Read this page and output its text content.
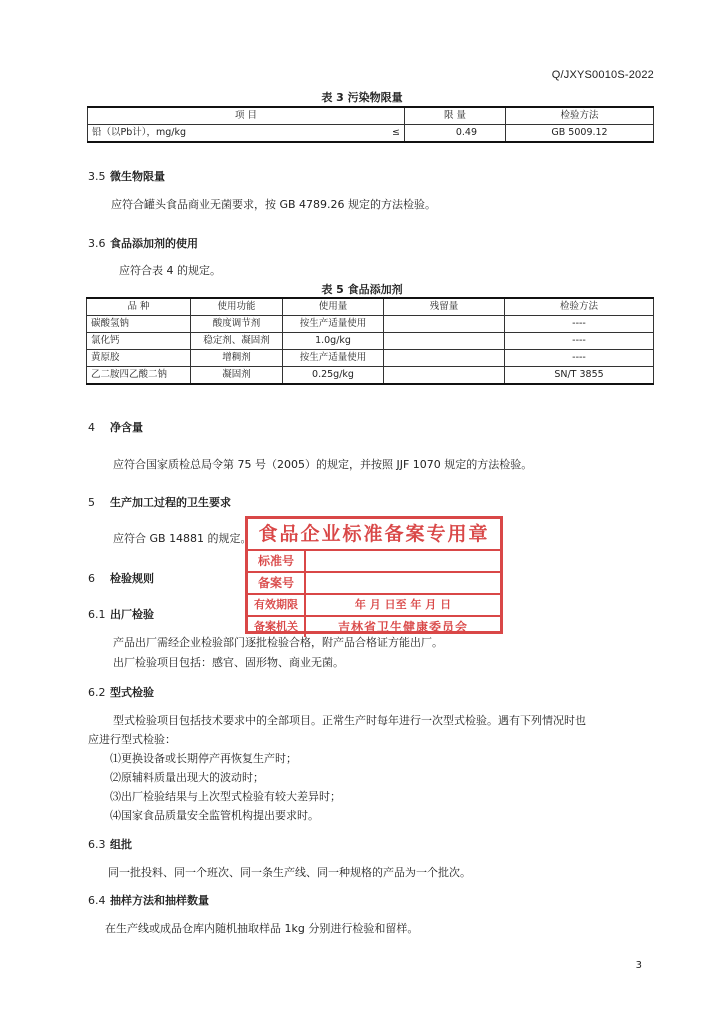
Q/JXYS0010S-2022
表 3 污染物限量
项 目		限 量	检验方法
铅（以Pb计），mg/kg	≤	0.49	GB 5009.12
3.5 微生物限量
应符合罐头食品商业无菌要求，按 GB 4789.26 规定的方法检验。
3.6 食品添加剂的使用
应符合表 4 的规定。
表 5 食品添加剂
品 种	使用功能	使用量	残留量	检验方法
碳酸氢钠	酸度调节剂	按生产适量使用		----
氯化钙	稳定剂、凝固剂	1.0g/kg		----
黄原胶	增稠剂	按生产适量使用		----
乙二胺四乙酸二钠	凝固剂	0.25g/kg		SN/T 3855
4 净含量
应符合国家质检总局令第 75 号（2005）的规定，并按照 JJF 1070 规定的方法检验。
5 生产加工过程的卫生要求
应符合 GB 14881 的规定。
6 检验规则
6.1 出厂检验
产品出厂需经企业检验部门逐批检验合格，附产品合格证方能出厂。
出厂检验项目包括：感官、固形物、商业无菌。
6.2 型式检验
型式检验项目包括技术要求中的全部项目。正常生产时每年进行一次型式检验。遇有下列情况时也
应进行型式检验：
⑴更换设备或长期停产再恢复生产时；
⑵原辅料质量出现大的波动时；
⑶出厂检验结果与上次型式检验有较大差异时；
⑷国家食品质量安全监管机构提出要求时。
6.3 组批
同一批投料、同一个班次、同一条生产线、同一种规格的产品为一个批次。
6.4 抽样方法和抽样数量
在生产线或成品仓库内随机抽取样品 1kg 分别进行检验和留样。
食品企业标准备案专用章
标准号
备案号
有效期限	年 月 日至 年 月 日
备案机关	吉林省卫生健康委员会
3
